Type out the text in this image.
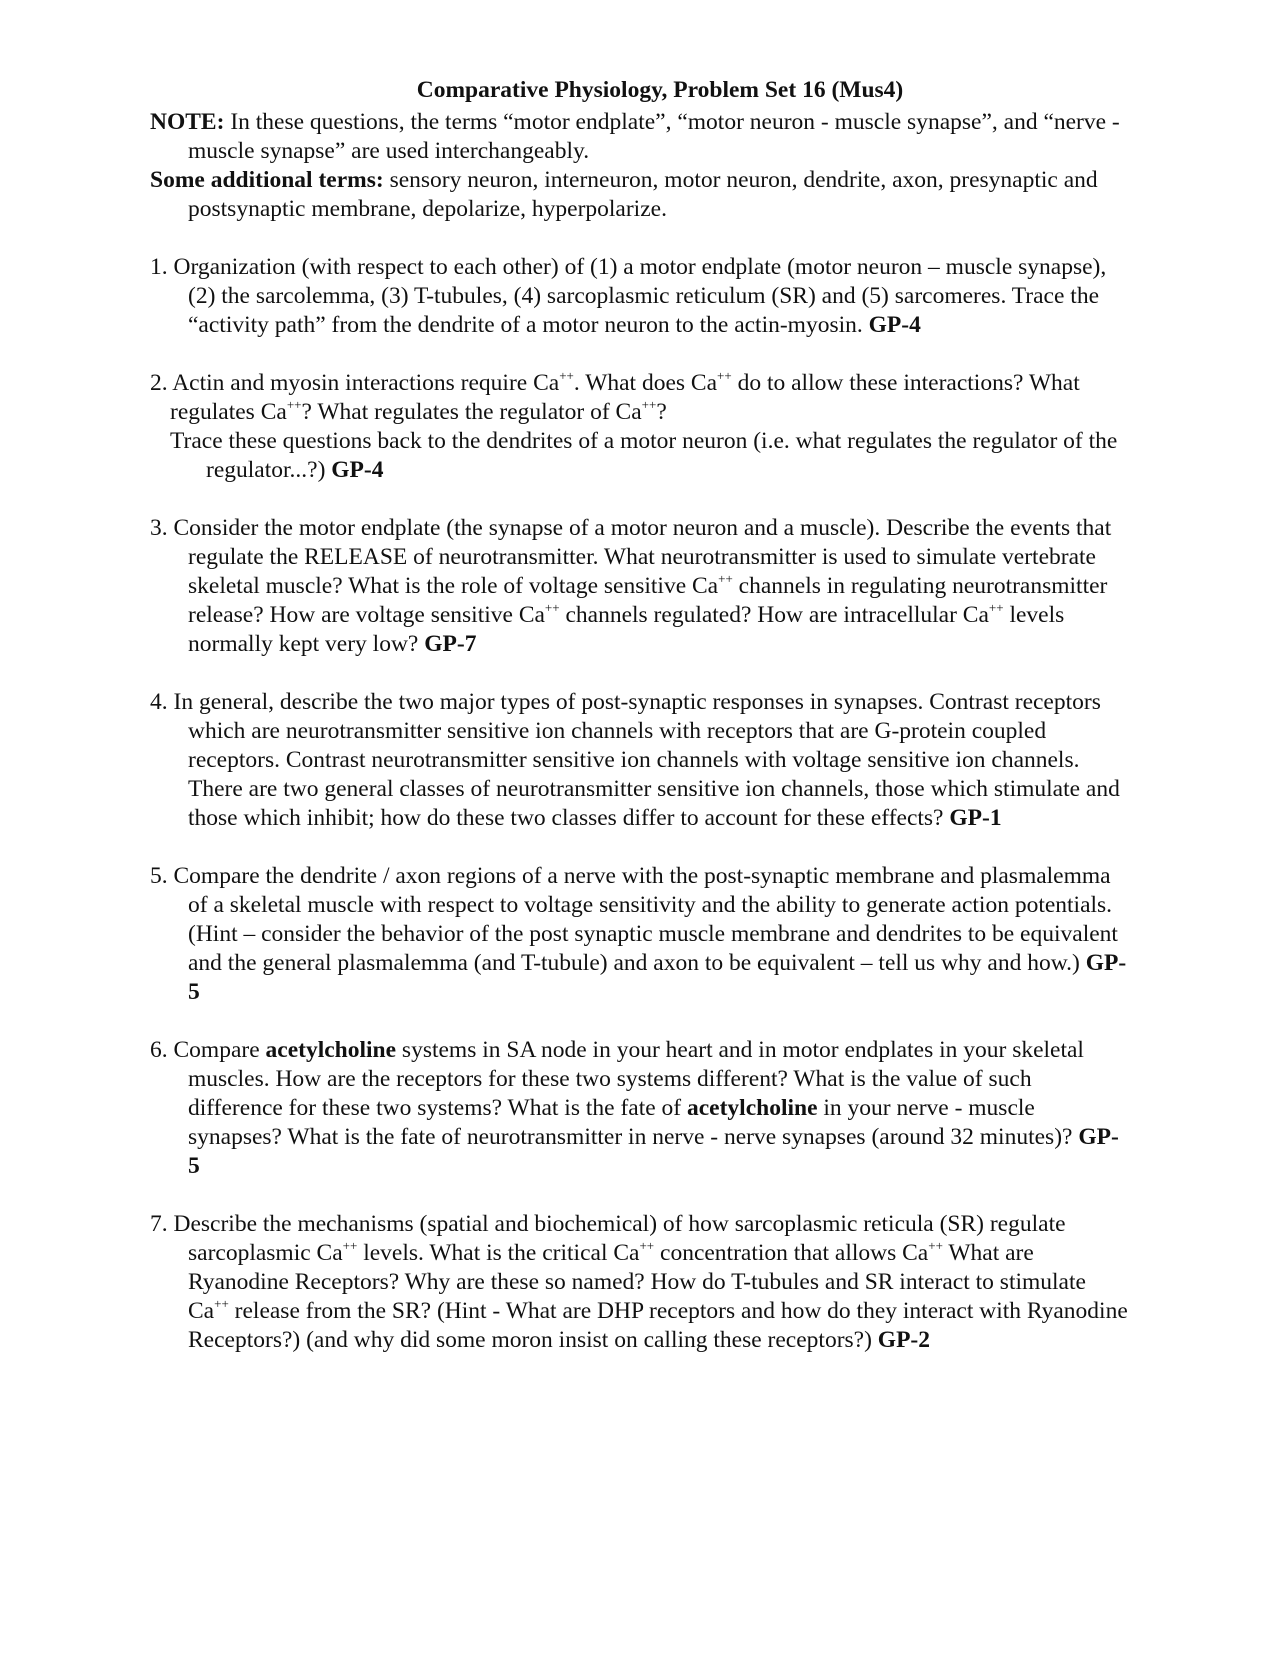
Comparative Physiology, Problem Set 16 (Mus4)

NOTE: In these questions, the terms “motor endplate”, “motor neuron - muscle synapse”, and “nerve - muscle synapse” are used interchangeably.

Some additional terms: sensory neuron, interneuron, motor neuron, dendrite, axon, presynaptic and postsynaptic membrane, depolarize, hyperpolarize.

1. Organization (with respect to each other) of (1) a motor endplate (motor neuron – muscle synapse), (2) the sarcolemma, (3) T-tubules, (4) sarcoplasmic reticulum (SR) and (5) sarcomeres. Trace the “activity path” from the dendrite of a motor neuron to the actin-myosin. GP-4

2. Actin and myosin interactions require Ca++. What does Ca++ do to allow these interactions? What regulates Ca++? What regulates the regulator of Ca++?

Trace these questions back to the dendrites of a motor neuron (i.e. what regulates the regulator of the regulator...?) GP-4

3. Consider the motor endplate (the synapse of a motor neuron and a muscle). Describe the events that regulate the RELEASE of neurotransmitter. What neurotransmitter is used to simulate vertebrate skeletal muscle? What is the role of voltage sensitive Ca++ channels in regulating neurotransmitter release? How are voltage sensitive Ca++ channels regulated? How are intracellular Ca++ levels normally kept very low? GP-7

4. In general, describe the two major types of post-synaptic responses in synapses. Contrast receptors which are neurotransmitter sensitive ion channels with receptors that are G-protein coupled receptors. Contrast neurotransmitter sensitive ion channels with voltage sensitive ion channels. There are two general classes of neurotransmitter sensitive ion channels, those which stimulate and those which inhibit; how do these two classes differ to account for these effects? GP-1

5. Compare the dendrite / axon regions of a nerve with the post-synaptic membrane and plasmalemma of a skeletal muscle with respect to voltage sensitivity and the ability to generate action potentials. (Hint – consider the behavior of the post synaptic muscle membrane and dendrites to be equivalent and the general plasmalemma (and T-tubule) and axon to be equivalent – tell us why and how.) GP-5

6. Compare acetylcholine systems in SA node in your heart and in motor endplates in your skeletal muscles. How are the receptors for these two systems different? What is the value of such difference for these two systems? What is the fate of acetylcholine in your nerve - muscle synapses? What is the fate of neurotransmitter in nerve - nerve synapses (around 32 minutes)? GP-5

7. Describe the mechanisms (spatial and biochemical) of how sarcoplasmic reticula (SR) regulate sarcoplasmic Ca++ levels. What is the critical Ca++ concentration that allows Ca++ What are Ryanodine Receptors? Why are these so named? How do T-tubules and SR interact to stimulate Ca++ release from the SR? (Hint - What are DHP receptors and how do they interact with Ryanodine Receptors?) (and why did some moron insist on calling these receptors?) GP-2
